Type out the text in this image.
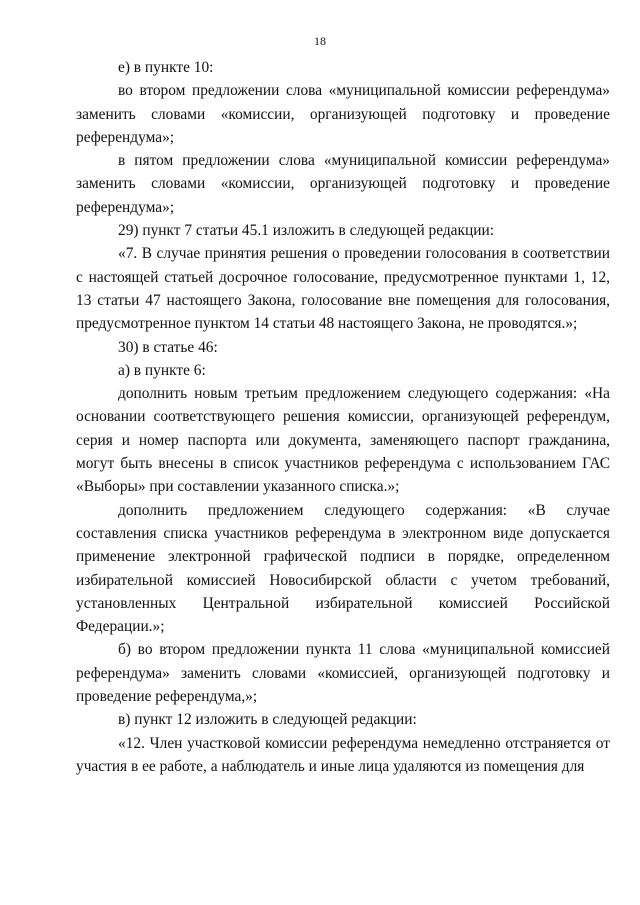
18

е) в пункте 10:

во втором предложении слова «муниципальной комиссии референдума» заменить словами «комиссии, организующей подготовку и проведение референдума»;

в пятом предложении слова «муниципальной комиссии референдума» заменить словами «комиссии, организующей подготовку и проведение референдума»;

29) пункт 7 статьи 45.1 изложить в следующей редакции:

«7. В случае принятия решения о проведении голосования в соответствии с настоящей статьей досрочное голосование, предусмотренное пунктами 1, 12, 13 статьи 47 настоящего Закона, голосование вне помещения для голосования, предусмотренное пунктом 14 статьи 48 настоящего Закона, не проводятся.»;

30) в статье 46:

а) в пункте 6:

дополнить новым третьим предложением следующего содержания: «На основании соответствующего решения комиссии, организующей референдум, серия и номер паспорта или документа, заменяющего паспорт гражданина, могут быть внесены в список участников референдума с использованием ГАС «Выборы» при составлении указанного списка.»;

дополнить предложением следующего содержания: «В случае составления списка участников референдума в электронном виде допускается применение электронной графической подписи в порядке, определенном избирательной комиссией Новосибирской области с учетом требований, установленных Центральной избирательной комиссией Российской Федерации.»;

б) во втором предложении пункта 11 слова «муниципальной комиссией референдума» заменить словами «комиссией, организующей подготовку и проведение референдума,»;

в) пункт 12 изложить в следующей редакции:

«12. Член участковой комиссии референдума немедленно отстраняется от участия в ее работе, а наблюдатель и иные лица удаляются из помещения для
